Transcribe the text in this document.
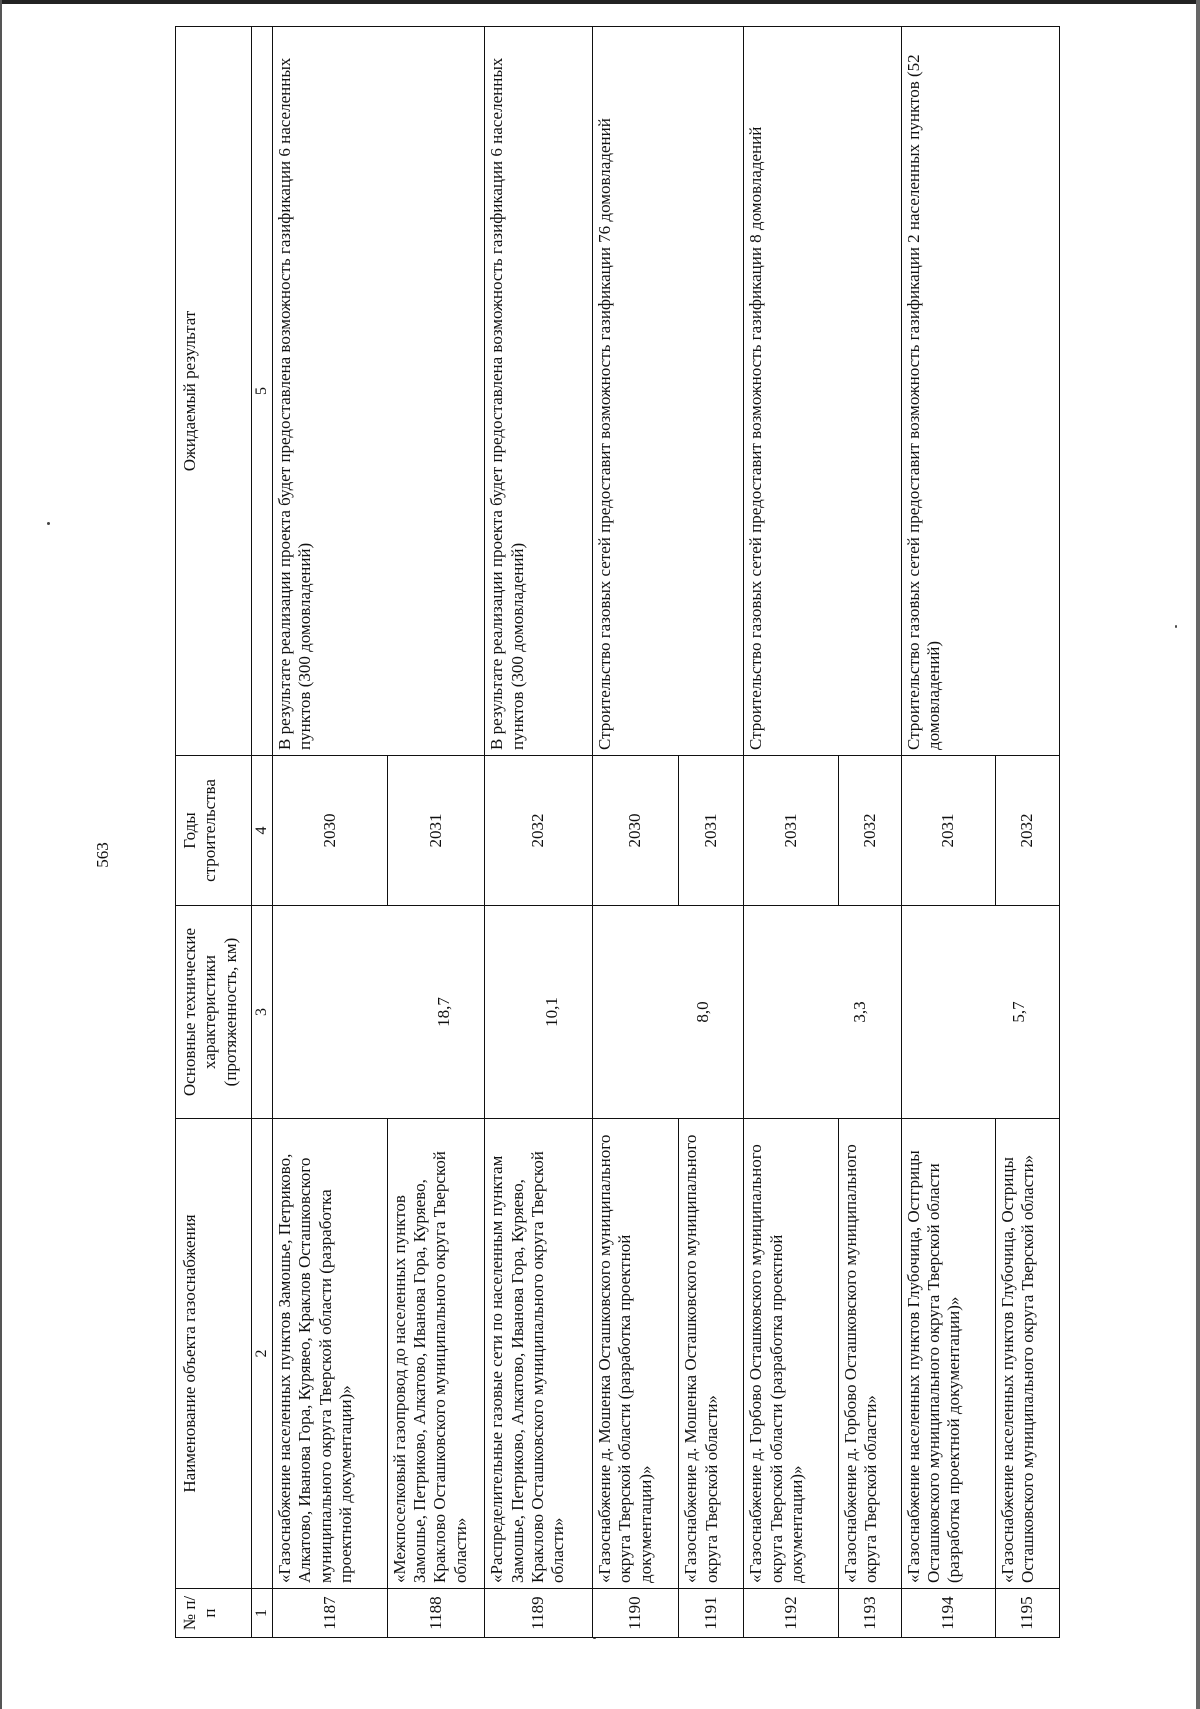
563
№ п/п	Наименование объекта газоснабжения	Основные технические характеристики (протяженность, км)	Годы строительства	Ожидаемый результат
1	2	3	4	5
1187	«Газоснабжение населенных пунктов Замошье, Петриково, Алкатово, Иванова Гора, Курявео, Краклов Осташковского муниципального округа Тверской области (разработка проектной документации)»	18,7	2030	В результате реализации проекта будет предоставлена возможность газификации 6 населенных пунктов (300 домовладений)
1188	«Межпоселковый газопровод до населенных пунктов Замошье, Петриково, Алкатово, Иванова Гора, Куряево, Краклово Осташковского муниципального округа Тверской области»		2031	
1189	«Распределительные газовые сети по населенным пунктам Замошье, Петриково, Алкатово, Иванова Гора, Куряево, Краклово Осташковского муниципального округа Тверской области»	10,1	2032	В результате реализации проекта будет предоставлена возможность газификации 6 населенных пунктов (300 домовладений)
1190	«Газоснабжение д. Мошенка Осташковского муниципального округа Тверской области (разработка проектной документации)»	8,0	2030	Строительство газовых сетей предоставит возможность газификации 76 домовладений
1191	«Газоснабжение д. Мошенка Осташковского муниципального округа Тверской области»		2031	
1192	«Газоснабжение д. Горбово Осташковского муниципального округа Тверской области (разработка проектной документации)»	3,3	2031	Строительство газовых сетей предоставит возможность газификации 8 домовладений
1193	«Газоснабжение д. Горбово Осташковского муниципального округа Тверской области»		2032	
1194	«Газоснабжение населенных пунктов Глубочица, Остгрицы Осташковского муниципального округа Тверской области (разработка проектной документации)»	5,7	2031	Строительство газовых сетей предоставит возможность газификации 2 населенных пунктов (52 домовладений)
1195	«Газоснабжение населенных пунктов Глубочица, Острицы Осташковского муниципального округа Тверской области»		2032	
